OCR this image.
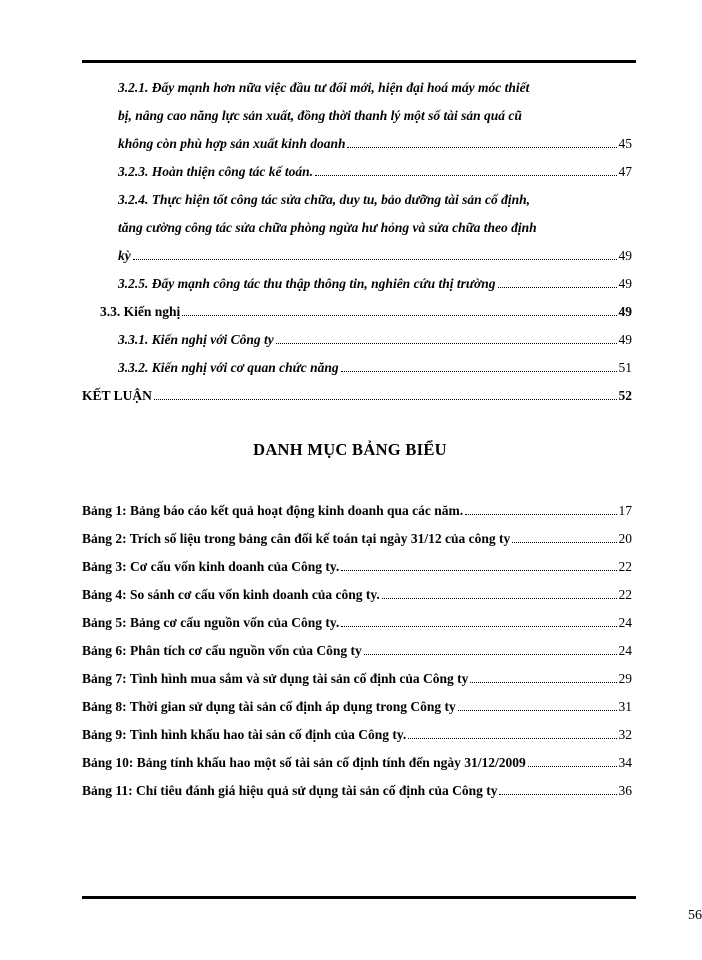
3.2.1. Đẩy mạnh hơn nữa việc đầu tư đổi mới, hiện đại hoá máy móc thiết
bị, nâng cao năng lực sản xuất, đồng thời thanh lý một số tài sản quá cũ
không còn phù hợp sản xuất kinh doanh	45
3.2.3. Hoàn thiện công tác kế toán.	47
3.2.4. Thực hiện tốt công tác sửa chữa, duy tu, bảo dưỡng tài sản cố định,
tăng cường công tác sửa chữa phòng ngừa hư hỏng và sửa chữa theo định
kỳ	49
3.2.5. Đẩy mạnh công tác thu thập thông tin, nghiên cứu thị trường	49
3.3. Kiến nghị	49
3.3.1. Kiến nghị với Công ty	49
3.3.2. Kiến nghị với cơ quan chức năng	51
KẾT LUẬN	52
DANH MỤC BẢNG BIỂU
Bảng 1: Bảng báo cáo kết quả hoạt động kinh doanh qua các năm.	17
Bảng 2: Trích số liệu trong bảng cân đối kế toán tại ngày 31/12 của công ty	20
Bảng 3: Cơ cấu vốn kinh doanh của Công ty.	22
Bảng 4: So sánh cơ cấu vốn kinh doanh của công ty.	22
Bảng 5: Bảng cơ cấu nguồn vốn của Công ty.	24
Bảng 6: Phân tích cơ cấu nguồn vốn của Công ty	24
Bảng 7: Tình hình mua sắm và sử dụng tài sản cố định của Công ty	29
Bảng 8: Thời gian sử dụng tài sản cố định áp dụng trong Công ty	31
Bảng 9: Tình hình khấu hao tài sản cố định của Công ty.	32
Bảng 10: Bảng tính khấu hao một số tài sản cố định tính đến ngày 31/12/2009	34
Bảng 11: Chỉ tiêu đánh giá hiệu quả sử dụng tài sản cố định của Công ty	36
56
